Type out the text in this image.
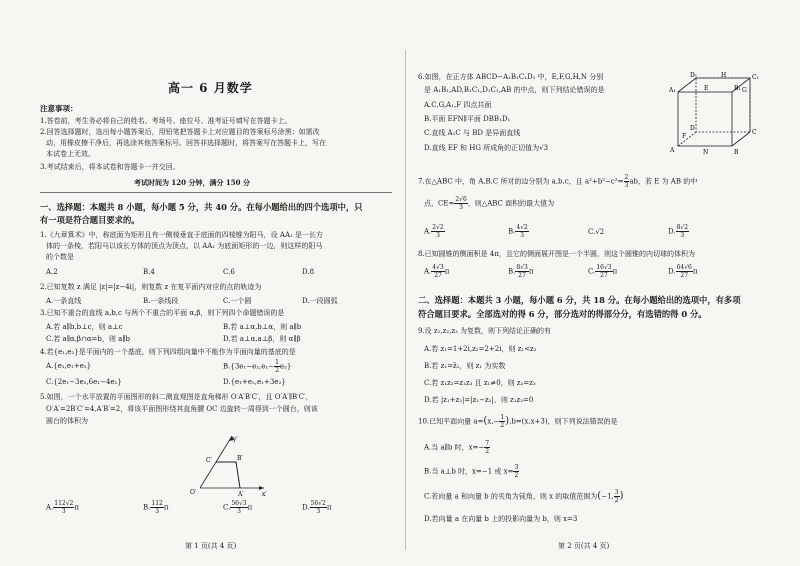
高一 6 月数学
注意事项：
1.答卷前，考生务必将自己的姓名、考场号、座位号、准考证号填写在答题卡上。
2.回答选择题时，选出每小题答案后，用铅笔把答题卡上对应题目的答案标号涂黑；如需改
动，用橡皮擦干净后，再选涂其他答案标号。回答非选择题时，将答案写在答题卡上，写在
本试卷上无效。
3.考试结束后，将本试卷和答题卡一并交回。
考试时间为 120 分钟，满分 150 分
一、选择题：本题共 8 小题，每小题 5 分，共 40 分。在每小题给出的四个选项中，只
有一项是符合题目要求的。
1.《九章算术》中，称底面为矩形且有一侧棱垂直于底面的四棱锥为阳马，设 AA₁ 是一长方
体的一条棱，若阳马以该长方体的顶点为顶点，以 AA₁ 为底面矩形的一边，则这样的阳马
的个数是
A.2	B.4	C.6	D.8
2.已知复数 z 满足 |z|=|z−4i|，则复数 z 在复平面内对应的点的轨迹为
A.一条直线	B.一条线段	C.一个圆	D.一段圆弧
3.已知不重合的直线 a,b,c 与两个不重合的平面 α,β，则下列四个命题错误的是
A.若 a∥b,b⊥c，则 a⊥c	B.若 a⊥α,b⊥α，则 a∥b
C.若 a∥α,β∩α=b，则 a∥b	D.若 a⊥α,a⊥β，则 α∥β
4.若{e₁,e₂}是平面内的一个基底，则下列四组向量中不能作为平面向量的基底的是
A.{e₁,e₁+e₂}	$B.\{3e_1-e_2,e_1- \frac{1}{2} e_2\}$
C.{2e₁−3e₂,6e₁−4e₂}	D.{e₁+e₂,e₁+3e₂}
5.如图，一个水平放置的平面图形的斜二测直观图是直角梯形 O′A′B′C′，且 O′A′∥B′C′，
O′A′=2B′C′=4,A′B′=2，将该平面图形绕其直角腰 OC 边旋转一周得到一个圆台，则该
圆台的体积为
y′
C′	B′
O′	A′	x′
A. $\frac{112√2}{3}$ π	B. $\frac{112}{3}$ π	C. $\frac{56√3}{3}$ π	D. $\frac{56√2}{3}$ π
第 1 页(共 4 页)
6.如图，在正方体 ABCD−A₁B₁C₁D₁ 中，E,F,G,H,N 分别
是 A₁B₁,AD,B₁C₁,D₁C₁,AB 的中点，则下列结论错误的是
A.C,G,A₁,F 四点共面
B.平面 EFN∥平面 DBB₁D₁
C.直线 A₁C 与 BD 是异面直线
D.直线 EF 和 HG 所成角的正切值为√3
D₁	H	C₁
A₁	E	B₁ G
D
C
F
A	N	B
7.在△ABC 中，角 A,B,C 所对的边分别为 a,b,c，且 $a^2+b^2-c^2= \frac{2}{3}$ ab，若 E 为 AB 的中
点，$CE= \frac{2√6}{3}$ ，则△ABC 面积的最大值为
A. $\frac{2√2}{3}$	B. $\frac{4√2}{3}$	C.√2	D. $\frac{8√2}{3}$
8.已知圆锥的侧面积是 4π，且它的侧面展开图是一个半圆，则这个圆锥的内切球的体积为
A. $\frac{4√3}{27}$ π	B. $\frac{8√3}{27}$ π	C. $\frac{16√3}{27}$ π	D. $\frac{64√6}{27}$ π
二、选择题：本题共 3 小题，每小题 6 分，共 18 分。在每小题给出的选项中，有多项
符合题目要求。全部选对的得 6 分，部分选对的得部分分，有选错的得 0 分。
9.设 z₁,z₂,z₃ 为复数，则下列结论正确的有
A.若 z₁=1+2i,z₂=2+2i，则 z₁<z₂
B.若 z₁=z̄₁，则 z₁ 为实数
C.若 z₁z₂=z₁z₃ 且 z₁≠0，则 z₂=z₃
D.若 |z₁+z₂|=|z₁−z₂|，则 z₁z₂=0
10.已知平面向量 $a=(x,- \frac{1}{2} ),b=(x,x+3)$，则下列说法错误的是
A.当 a∥b 时，$x=- \frac{7}{2}$
B.当 a⊥b 时，x=−1 或 $x= \frac{3}{2}$
C.若向量 a 和向量 b 的夹角为钝角，则 x 的取值范围为(−1, $\frac{3}{2}$ )
D.若向量 a 在向量 b 上的投影向量为 b，则 x=3
第 2 页(共 4 页)
